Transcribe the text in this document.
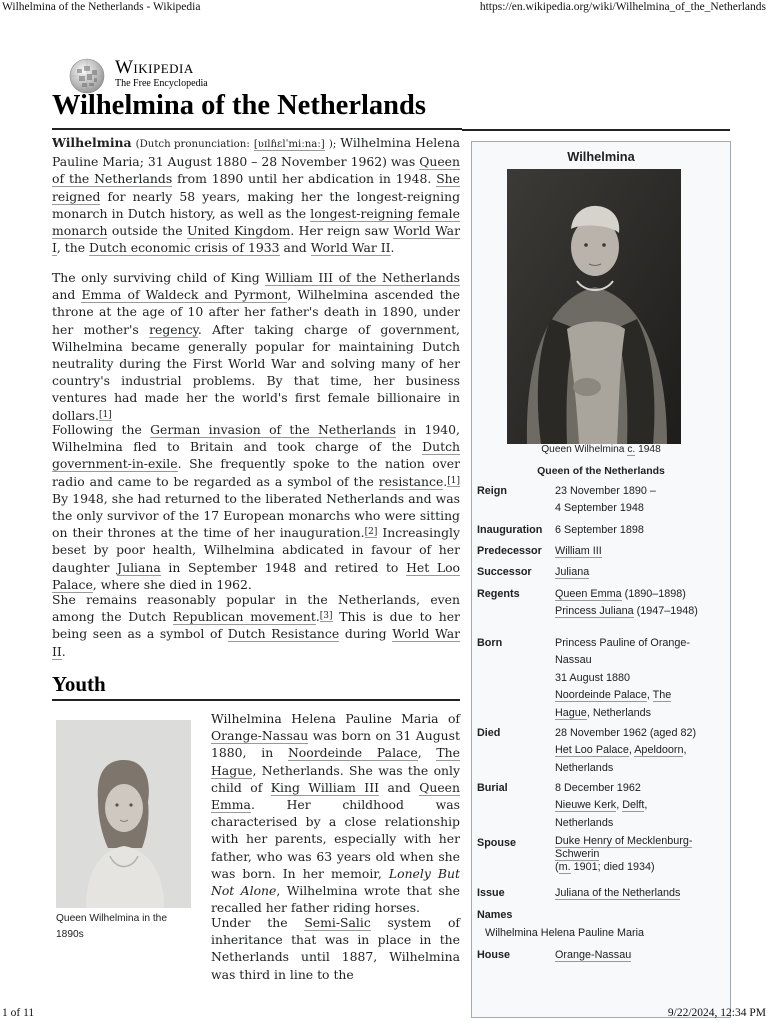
Wilhelmina of the Netherlands - Wikipedia	https://en.wikipedia.org/wiki/Wilhelmina_of_the_Netherlands
Wikipedia
The Free Encyclopedia
Wilhelmina of the Netherlands

Wilhelmina (Dutch pronunciation: [ʋɪlɦɛlˈmiːnaː] ); Wilhelmina Helena Pauline Maria; 31 August 1880 – 28 November 1962) was Queen of the Netherlands from 1890 until her abdication in 1948. She reigned for nearly 58 years, making her the longest-reigning monarch in Dutch history, as well as the longest-reigning female monarch outside the United Kingdom. Her reign saw World War I, the Dutch economic crisis of 1933 and World War II.

The only surviving child of King William III of the Netherlands and Emma of Waldeck and Pyrmont, Wilhelmina ascended the throne at the age of 10 after her father's death in 1890, under her mother's regency. After taking charge of government, Wilhelmina became generally popular for maintaining Dutch neutrality during the First World War and solving many of her country's industrial problems. By that time, her business ventures had made her the world's first female billionaire in dollars.[1]

Following the German invasion of the Netherlands in 1940, Wilhelmina fled to Britain and took charge of the Dutch government-in-exile. She frequently spoke to the nation over radio and came to be regarded as a symbol of the resistance.[1] By 1948, she had returned to the liberated Netherlands and was the only survivor of the 17 European monarchs who were sitting on their thrones at the time of her inauguration.[2] Increasingly beset by poor health, Wilhelmina abdicated in favour of her daughter Juliana in September 1948 and retired to Het Loo Palace, where she died in 1962.

She remains reasonably popular in the Netherlands, even among the Dutch Republican movement.[3] This is due to her being seen as a symbol of Dutch Resistance during World War II.

Youth
Queen Wilhelmina in the 1890s

Wilhelmina Helena Pauline Maria of Orange-Nassau was born on 31 August 1880, in Noordeinde Palace, The Hague, Netherlands. She was the only child of King William III and Queen Emma. Her childhood was characterised by a close relationship with her parents, especially with her father, who was 63 years old when she was born. In her memoir, Lonely But Not Alone, Wilhelmina wrote that she recalled her father riding horses.

Under the Semi-Salic system of inheritance that was in place in the Netherlands until 1887, Wilhelmina was third in line to the

Wilhelmina
Queen Wilhelmina c. 1948
Queen of the Netherlands
Reign	23 November 1890 –
4 September 1948
Inauguration	6 September 1898
Predecessor	William III
Successor	Juliana
Regents	Queen Emma (1890–1898)
Princess Juliana (1947–1948)
Born	Princess Pauline of Orange-
Nassau
31 August 1880
Noordeinde Palace, The
Hague, Netherlands
Died	28 November 1962 (aged 82)
Het Loo Palace, Apeldoorn,
Netherlands
Burial	8 December 1962
Nieuwe Kerk, Delft,
Netherlands
Spouse	Duke Henry of Mecklenburg-
Schwerin
(m. 1901; died 1934)
Issue	Juliana of the Netherlands
Names
Wilhelmina Helena Pauline Maria
House	Orange-Nassau
1 of 11	9/22/2024, 12:34 PM
